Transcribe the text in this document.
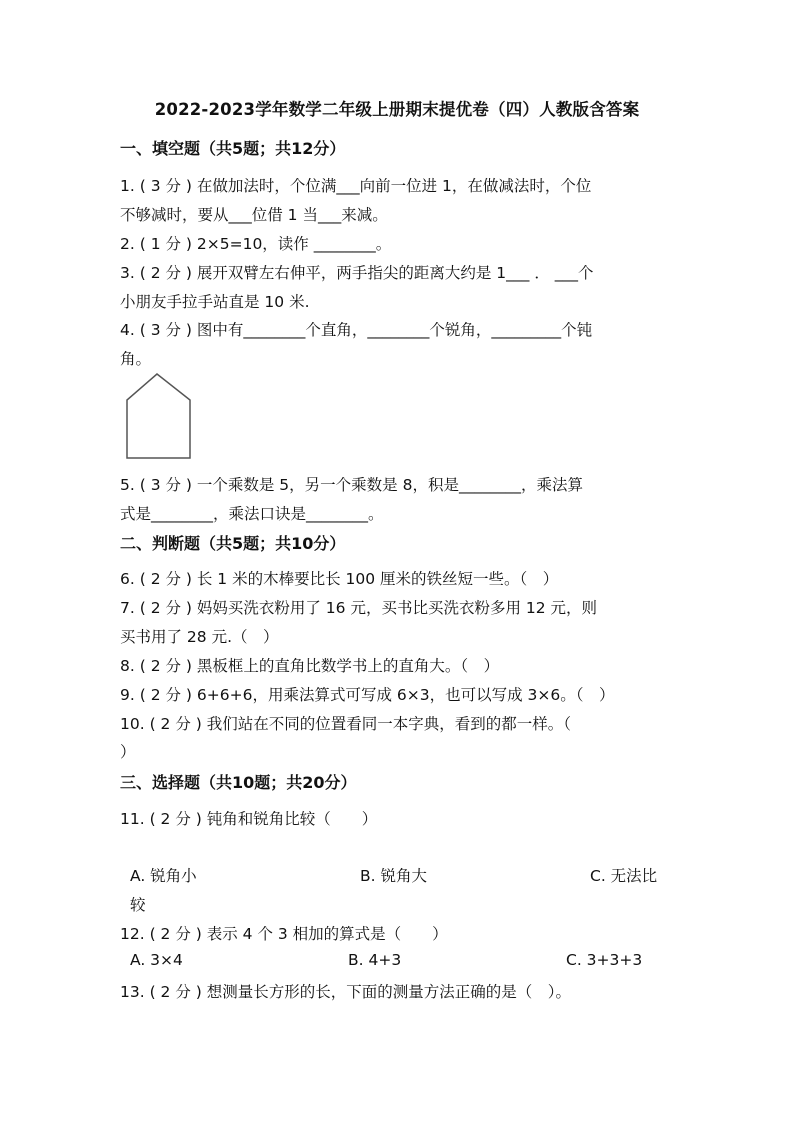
2022-2023学年数学二年级上册期末提优卷（四）人教版含答案
一、填空题（共5题；共12分）
1. ( 3 分 ) 在做加法时，个位满___向前一位进 1，在做减法时，个位
不够减时，要从___位借 1 当___来减。
2. ( 1 分 ) 2×5=10，读作 ________。
3. ( 2 分 ) 展开双臂左右伸平，两手指尖的距离大约是 1___ ． ___个
小朋友手拉手站直是 10 米.
4. ( 3 分 ) 图中有________个直角，________个锐角，_________个钝
角。
5. ( 3 分 ) 一个乘数是 5，另一个乘数是 8，积是________，乘法算
式是________，乘法口诀是________。
二、判断题（共5题；共10分）
6. ( 2 分 ) 长 1 米的木棒要比长 100 厘米的铁丝短一些。（　）
7. ( 2 分 ) 妈妈买洗衣粉用了 16 元，买书比买洗衣粉多用 12 元，则
买书用了 28 元.（　）
8. ( 2 分 ) 黑板框上的直角比数学书上的直角大。（　）
9. ( 2 分 ) 6+6+6，用乘法算式可写成 6×3，也可以写成 3×6。（　）
10. ( 2 分 ) 我们站在不同的位置看同一本字典，看到的都一样。（
）
三、选择题（共10题；共20分）
11. ( 2 分 ) 钝角和锐角比较（　　）
A. 锐角小	B. 锐角大	C. 无法比
较
12. ( 2 分 ) 表示 4 个 3 相加的算式是（　　）
A. 3×4	B. 4+3	C. 3+3+3
13. ( 2 分 ) 想测量长方形的长，下面的测量方法正确的是（　）。
